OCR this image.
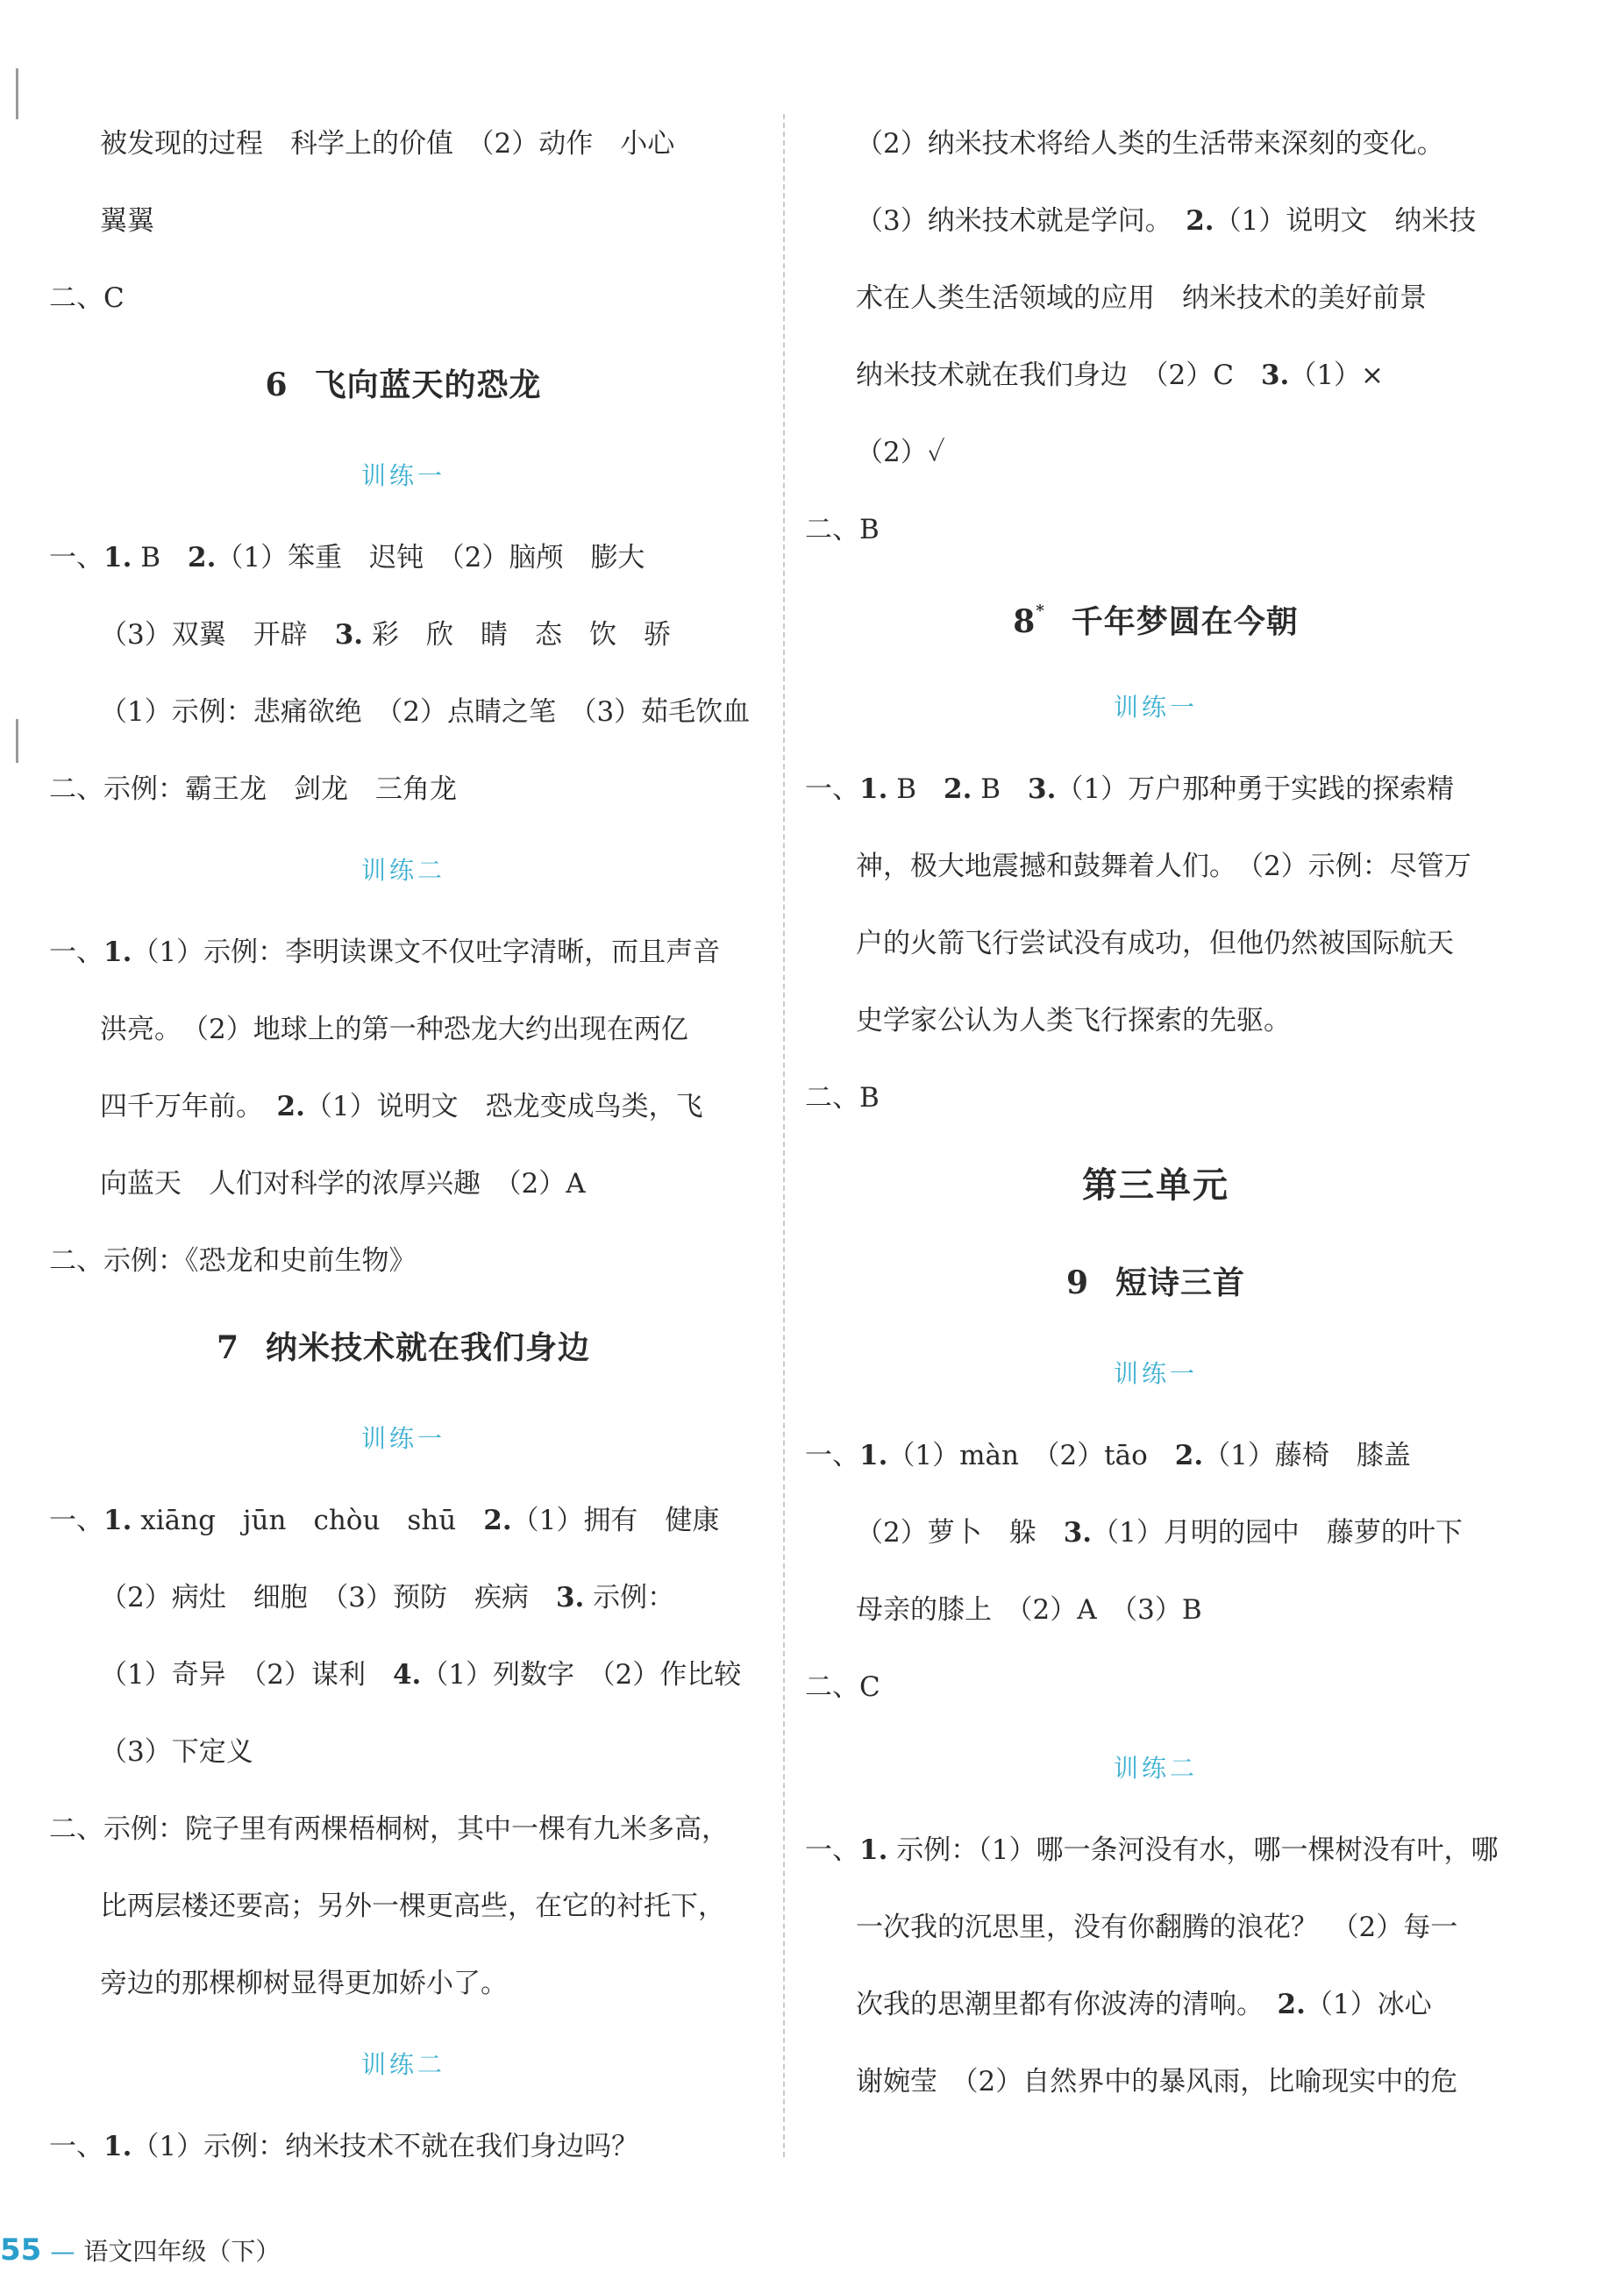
被发现的过程　科学上的价值　（2）动作　小心
翼翼
二、C
6 飞向蓝天的恐龙
训练一
一、1. B　2.（1）笨重　迟钝　（2）脑颅　膨大
（3）双翼　开辟　3. 彩　欣　睛　态　饮　骄
（1）示例：悲痛欲绝　（2）点睛之笔　（3）茹毛饮血
二、示例：霸王龙　剑龙　三角龙
训练二
一、1.（1）示例：李明读课文不仅吐字清晰，而且声音
洪亮。　（2）地球上的第一种恐龙大约出现在两亿
四千万年前。　2.（1）说明文　恐龙变成鸟类，飞
向蓝天　人们对科学的浓厚兴趣　（2）A
二、示例：《恐龙和史前生物》
7 纳米技术就在我们身边
训练一
一、1. xiāng　jūn　chòu　shū　2.（1）拥有　健康
（2）病灶　细胞　（3）预防　疾病　3. 示例：
（1）奇异　（2）谋利　4.（1）列数字　（2）作比较
（3）下定义
二、示例：院子里有两棵梧桐树，其中一棵有九米多高，
比两层楼还要高；另外一棵更高些，在它的衬托下，
旁边的那棵柳树显得更加娇小了。
训练二
一、1.（1）示例：纳米技术不就在我们身边吗？
（2）纳米技术将给人类的生活带来深刻的变化。
（3）纳米技术就是学问。　2.（1）说明文　纳米技
术在人类生活领域的应用　纳米技术的美好前景
纳米技术就在我们身边　（2）C　3.（1）×
（2）✓
二、B
8* 千年梦圆在今朝
训练一
一、1. B　2. B　3.（1）万户那种勇于实践的探索精
神，极大地震撼和鼓舞着人们。　（2）示例：尽管万
户的火箭飞行尝试没有成功，但他仍然被国际航天
史学家公认为人类飞行探索的先驱。
二、B
第三单元
9 短诗三首
训练一
一、1.（1）màn　（2）tāo　2.（1）藤椅　膝盖
（2）萝卜　躲　3.（1）月明的园中　藤萝的叶下
母亲的膝上　（2）A　（3）B
二、C
训练二
一、1. 示例：（1）哪一条河没有水，哪一棵树没有叶，哪
一次我的沉思里，没有你翻腾的浪花？　（2）每一
次我的思潮里都有你波涛的清响。　2.（1）冰心
谢婉莹　（2）自然界中的暴风雨，比喻现实中的危
55 — 语文四年级（下）
